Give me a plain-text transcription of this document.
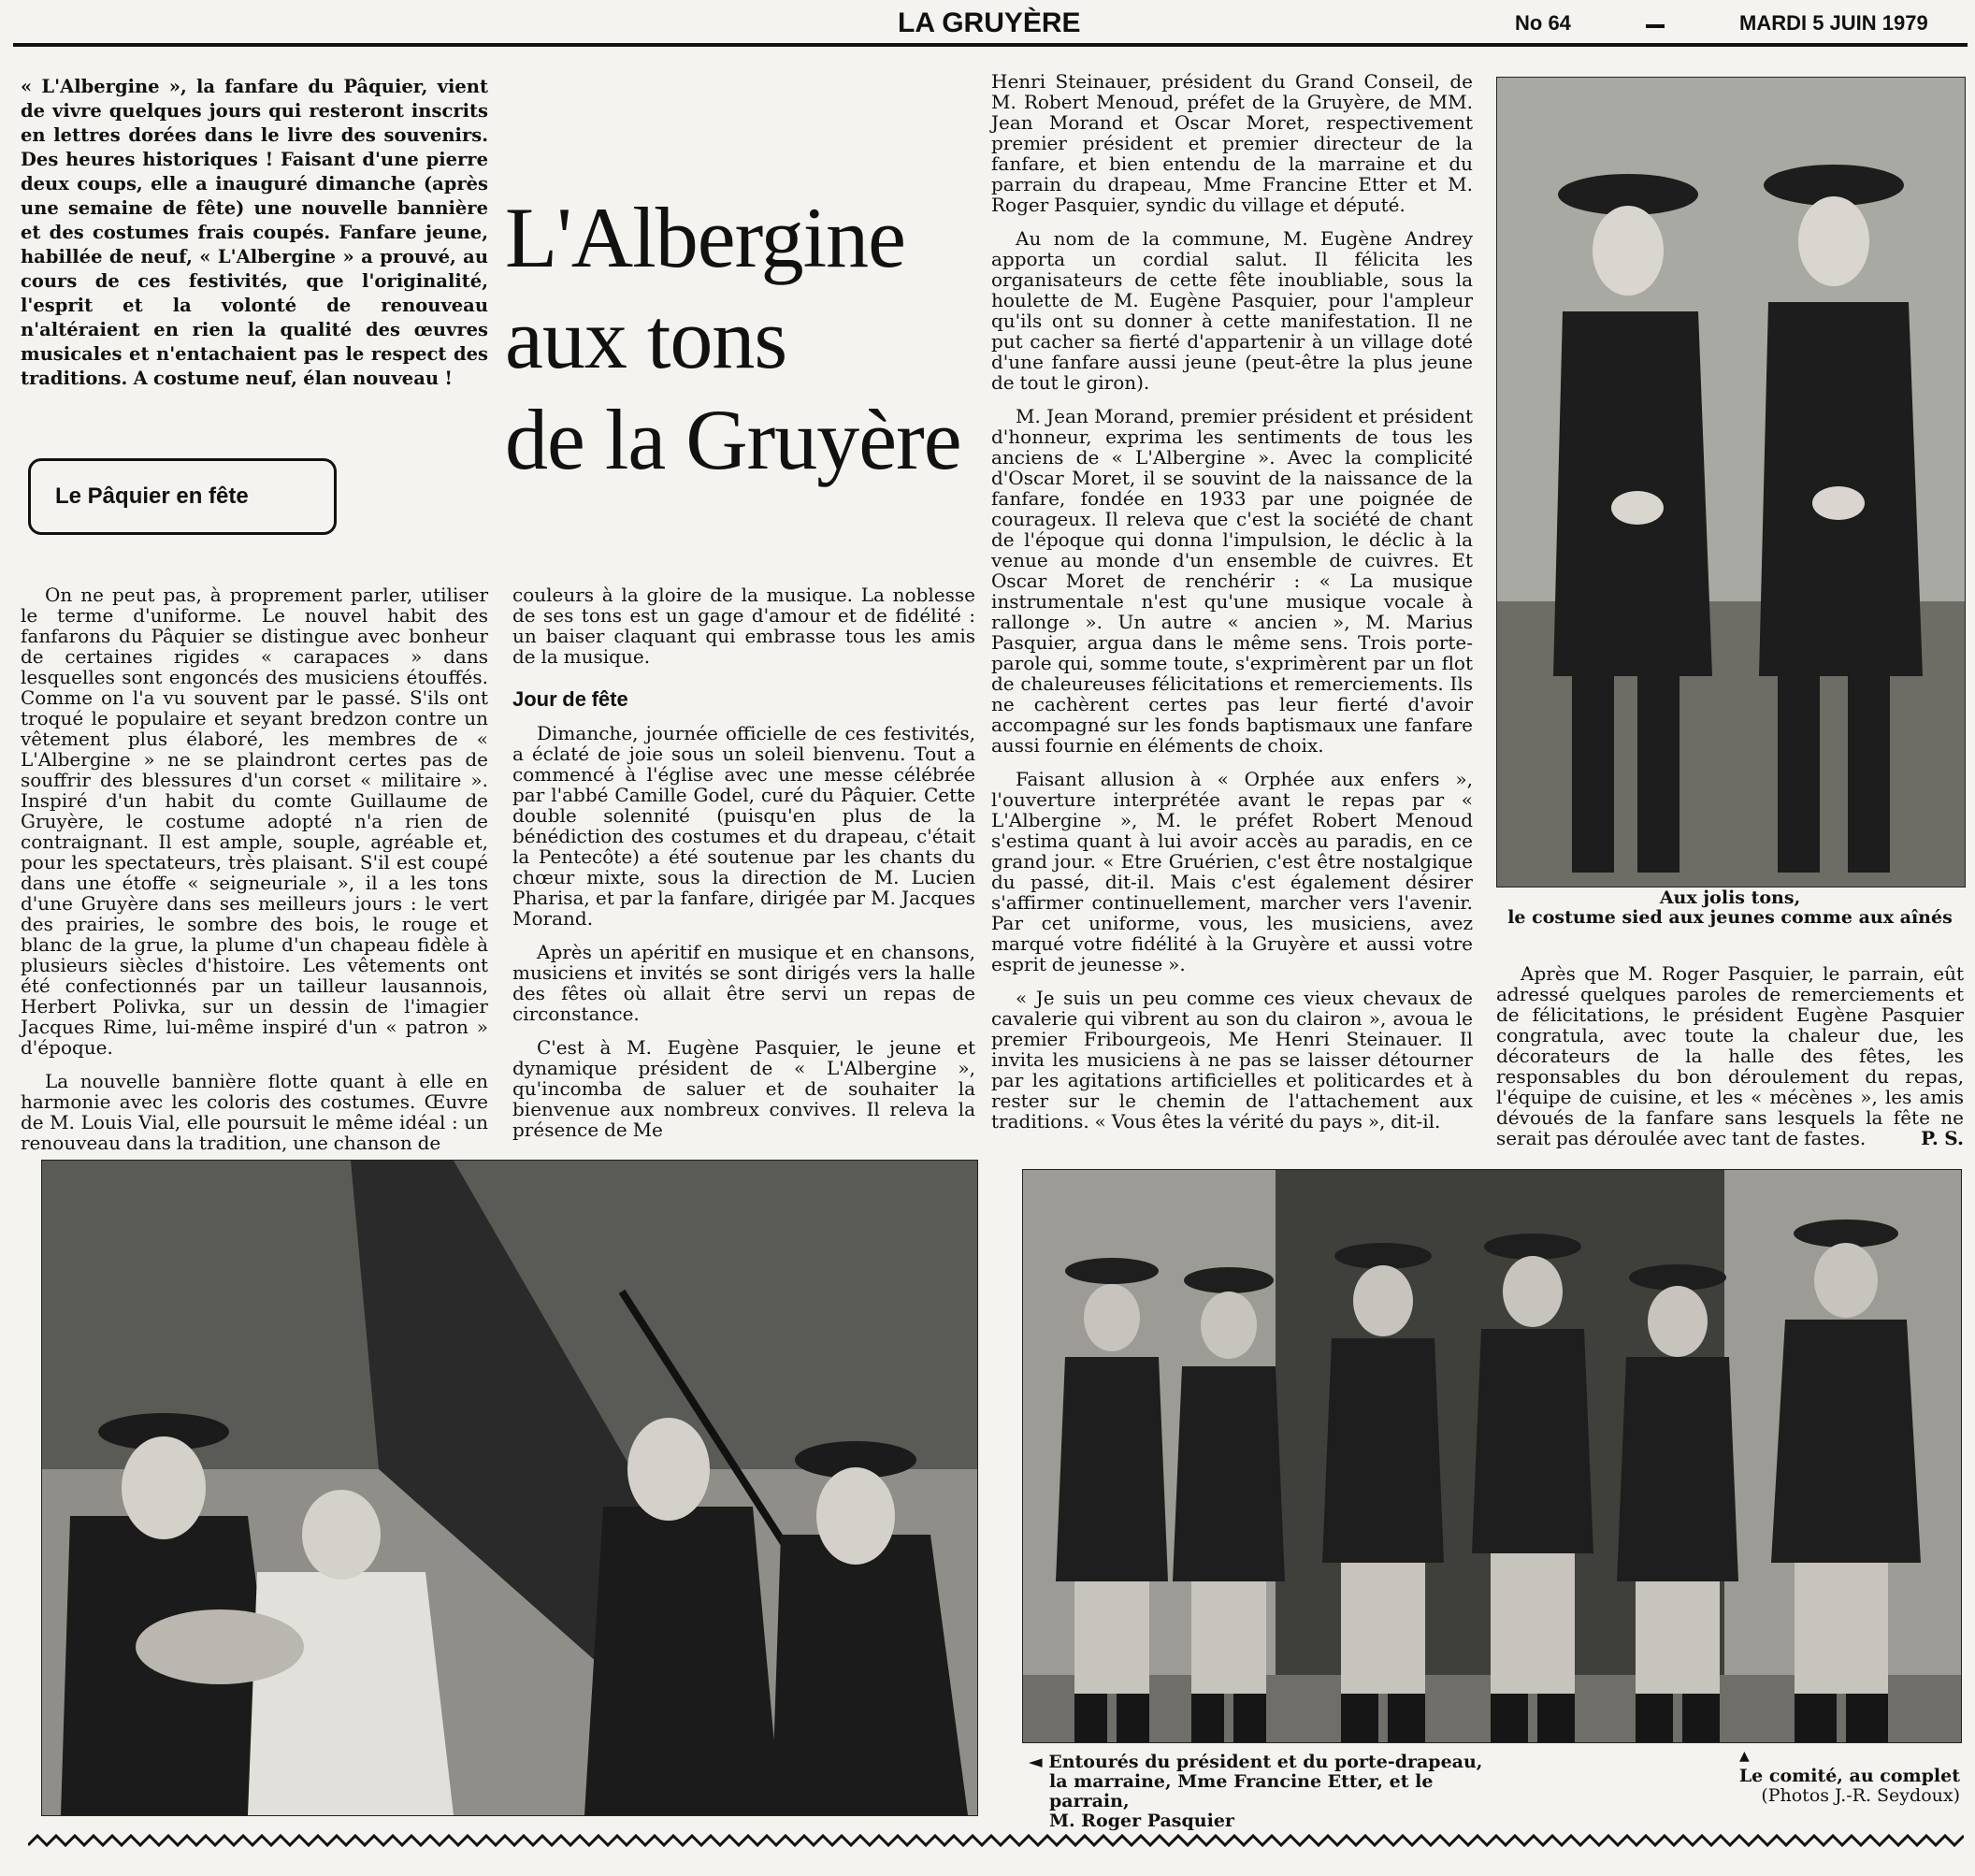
LA GRUYÈRE	No 64	MARDI 5 JUIN 1979

« L'Albergine », la fanfare du Pâquier, vient de vivre quelques jours qui resteront inscrits en lettres dorées dans le livre des souvenirs. Des heures historiques ! Faisant d'une pierre deux coups, elle a inauguré dimanche (après une semaine de fête) une nouvelle bannière et des costumes frais coupés. Fanfare jeune, habillée de neuf, « L'Albergine » a prouvé, au cours de ces festivités, que l'originalité, l'esprit et la volonté de renouveau n'altéraient en rien la qualité des œuvres musicales et n'entachaient pas le respect des traditions. A costume neuf, élan nouveau !

Le Pâquier en fête
L'Albergine
aux tons
de la Gruyère

On ne peut pas, à proprement parler, utiliser le terme d'uniforme. Le nouvel habit des fanfarons du Pâquier se distingue avec bonheur de certaines rigides « carapaces » dans lesquelles sont engoncés des musiciens étouffés. Comme on l'a vu souvent par le passé. S'ils ont troqué le populaire et seyant bredzon contre un vêtement plus élaboré, les membres de « L'Albergine » ne se plaindront certes pas de souffrir des blessures d'un corset « militaire ». Inspiré d'un habit du comte Guillaume de Gruyère, le costume adopté n'a rien de contraignant. Il est ample, souple, agréable et, pour les spectateurs, très plaisant. S'il est coupé dans une étoffe « seigneuriale », il a les tons d'une Gruyère dans ses meilleurs jours : le vert des prairies, le sombre des bois, le rouge et blanc de la grue, la plume d'un chapeau fidèle à plusieurs siècles d'histoire. Les vêtements ont été confectionnés par un tailleur lausannois, Herbert Polivka, sur un dessin de l'imagier Jacques Rime, lui-même inspiré d'un « patron » d'époque.

La nouvelle bannière flotte quant à elle en harmonie avec les coloris des costumes. Œuvre de M. Louis Vial, elle poursuit le même idéal : un renouveau dans la tradition, une chanson de

couleurs à la gloire de la musique. La noblesse de ses tons est un gage d'amour et de fidélité : un baiser claquant qui embrasse tous les amis de la musique.

Jour de fête

Dimanche, journée officielle de ces festivités, a éclaté de joie sous un soleil bienvenu. Tout a commencé à l'église avec une messe célébrée par l'abbé Camille Godel, curé du Pâquier. Cette double solennité (puisqu'en plus de la bénédiction des costumes et du drapeau, c'était la Pentecôte) a été soutenue par les chants du chœur mixte, sous la direction de M. Lucien Pharisa, et par la fanfare, dirigée par M. Jacques Morand.

Après un apéritif en musique et en chansons, musiciens et invités se sont dirigés vers la halle des fêtes où allait être servi un repas de circonstance.

C'est à M. Eugène Pasquier, le jeune et dynamique président de « L'Albergine », qu'incomba de saluer et de souhaiter la bienvenue aux nombreux convives. Il releva la présence de Me

Henri Steinauer, président du Grand Conseil, de M. Robert Menoud, préfet de la Gruyère, de MM. Jean Morand et Oscar Moret, respectivement premier président et premier directeur de la fanfare, et bien entendu de la marraine et du parrain du drapeau, Mme Francine Etter et M. Roger Pasquier, syndic du village et député.

Au nom de la commune, M. Eugène Andrey apporta un cordial salut. Il félicita les organisateurs de cette fête inoubliable, sous la houlette de M. Eugène Pasquier, pour l'ampleur qu'ils ont su donner à cette manifestation. Il ne put cacher sa fierté d'appartenir à un village doté d'une fanfare aussi jeune (peut-être la plus jeune de tout le giron).

M. Jean Morand, premier président et président d'honneur, exprima les sentiments de tous les anciens de « L'Albergine ». Avec la complicité d'Oscar Moret, il se souvint de la naissance de la fanfare, fondée en 1933 par une poignée de courageux. Il releva que c'est la société de chant de l'époque qui donna l'impulsion, le déclic à la venue au monde d'un ensemble de cuivres. Et Oscar Moret de renchérir : « La musique instrumentale n'est qu'une musique vocale à rallonge ». Un autre « ancien », M. Marius Pasquier, argua dans le même sens. Trois porte-parole qui, somme toute, s'exprimèrent par un flot de chaleureuses félicitations et remerciements. Ils ne cachèrent certes pas leur fierté d'avoir accompagné sur les fonds baptismaux une fanfare aussi fournie en éléments de choix.

Faisant allusion à « Orphée aux enfers », l'ouverture interprétée avant le repas par « L'Albergine », M. le préfet Robert Menoud s'estima quant à lui avoir accès au paradis, en ce grand jour. « Etre Gruérien, c'est être nostalgique du passé, dit-il. Mais c'est également désirer s'affirmer continuellement, marcher vers l'avenir. Par cet uniforme, vous, les musiciens, avez marqué votre fidélité à la Gruyère et aussi votre esprit de jeunesse ».

« Je suis un peu comme ces vieux chevaux de cavalerie qui vibrent au son du clairon », avoua le premier Fribourgeois, Me Henri Steinauer. Il invita les musiciens à ne pas se laisser détourner par les agitations artificielles et politicardes et à rester sur le chemin de l'attachement aux traditions. « Vous êtes la vérité du pays », dit-il.

Aux jolis tons,
le costume sied aux jeunes comme aux aînés

Après que M. Roger Pasquier, le parrain, eût adressé quelques paroles de remerciements et de félicitations, le président Eugène Pasquier congratula, avec toute la chaleur due, les décorateurs de la halle des fêtes, les responsables du bon déroulement du repas, l'équipe de cuisine, et les « mécènes », les amis dévoués de la fanfare sans lesquels la fête ne serait pas déroulée avec tant de fastes.	P. S.
◄ Entourés du président et du porte-drapeau,
la marraine, Mme Francine Etter, et le parrain,
M. Roger Pasquier
▲
Le comité, au complet
(Photos J.-R. Seydoux)
